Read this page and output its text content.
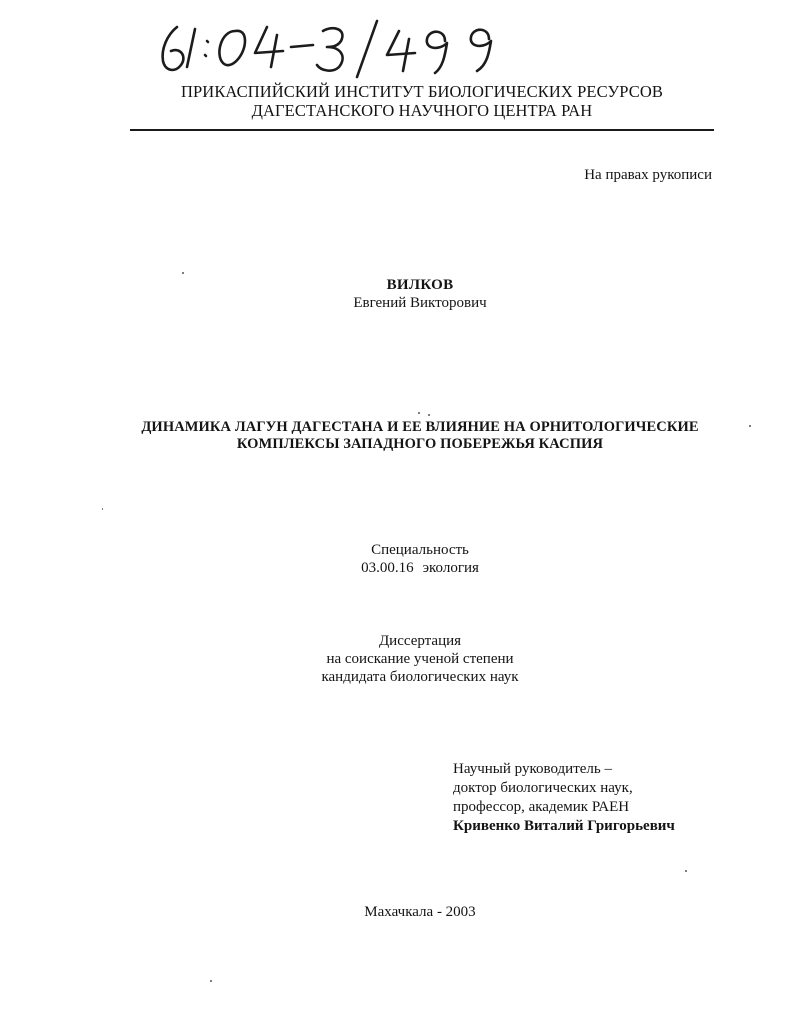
ПРИКАСПИЙСКИЙ ИНСТИТУТ БИОЛОГИЧЕСКИХ РЕСУРСОВ
ДАГЕСТАНСКОГО НАУЧНОГО ЦЕНТРА РАН
На правах рукописи
ВИЛКОВ
Евгений Викторович
ДИНАМИКА ЛАГУН ДАГЕСТАНА И ЕЕ ВЛИЯНИЕ НА ОРНИТОЛОГИЧЕСКИЕ
КОМПЛЕКСЫ ЗАПАДНОГО ПОБЕРЕЖЬЯ КАСПИЯ
Специальность
03.00.16 экология
Диссертация
на соискание ученой степени
кандидата биологических наук
Научный руководитель –
доктор биологических наук,
профессор, академик РАЕН
Кривенко Виталий Григорьевич
Махачкала - 2003
